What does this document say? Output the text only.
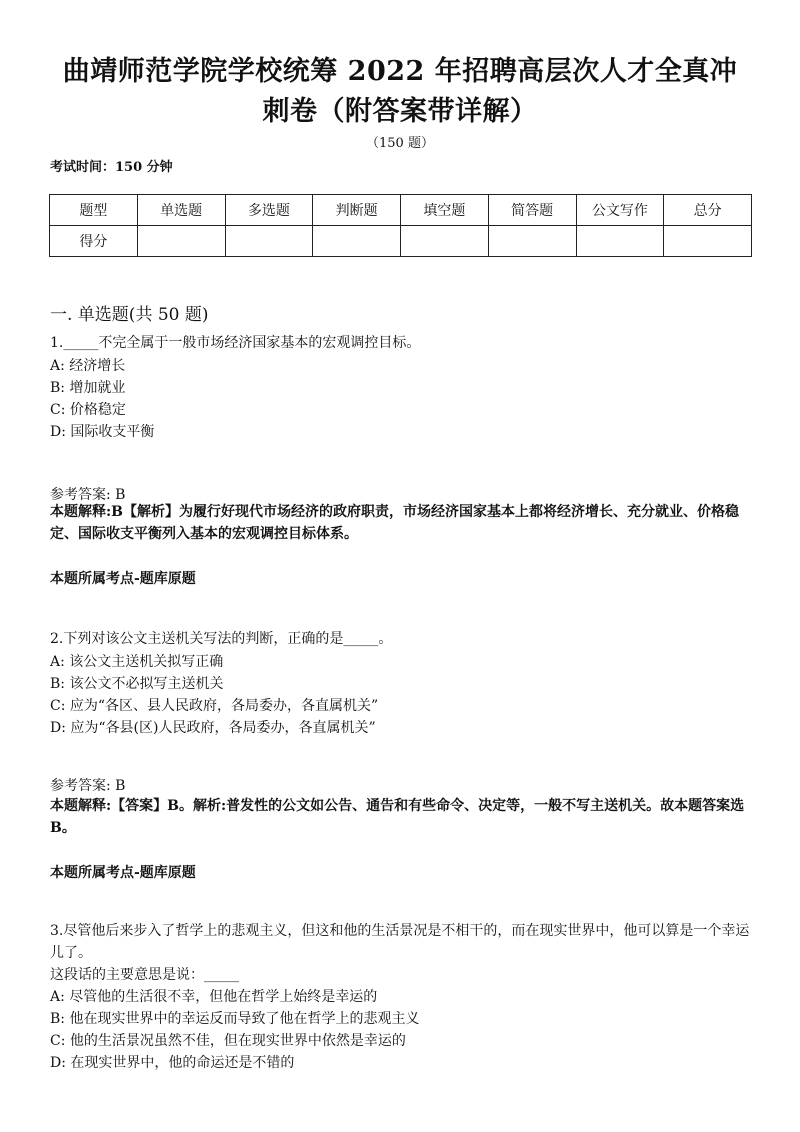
曲靖师范学院学校统筹 2022 年招聘高层次人才全真冲
刺卷（附答案带详解）
（150 题）
考试时间：150 分钟
题型	单选题	多选题	判断题	填空题	简答题	公文写作	总分
得分							
一. 单选题(共 50 题)
1._____不完全属于一般市场经济国家基本的宏观调控目标。
A: 经济增长
B: 增加就业
C: 价格稳定
D: 国际收支平衡
参考答案: B
本题解释:B【解析】为履行好现代市场经济的政府职责，市场经济国家基本上都将经济增长、充分就业、价格稳定、国际收支平衡列入基本的宏观调控目标体系。
本题所属考点-题库原题
2.下列对该公文主送机关写法的判断，正确的是_____。
A: 该公文主送机关拟写正确
B: 该公文不必拟写主送机关
C: 应为“各区、县人民政府，各局委办，各直属机关”
D: 应为“各县(区)人民政府，各局委办，各直属机关”
参考答案: B
本题解释:【答案】B。解析:普发性的公文如公告、通告和有些命令、决定等，一般不写主送机关。故本题答案选 B。
本题所属考点-题库原题
3.尽管他后来步入了哲学上的悲观主义，但这和他的生活景况是不相干的，而在现实世界中，他可以算是一个幸运儿了。
这段话的主要意思是说：_____
A: 尽管他的生活很不幸，但他在哲学上始终是幸运的
B: 他在现实世界中的幸运反而导致了他在哲学上的悲观主义
C: 他的生活景况虽然不佳，但在现实世界中依然是幸运的
D: 在现实世界中，他的命运还是不错的
